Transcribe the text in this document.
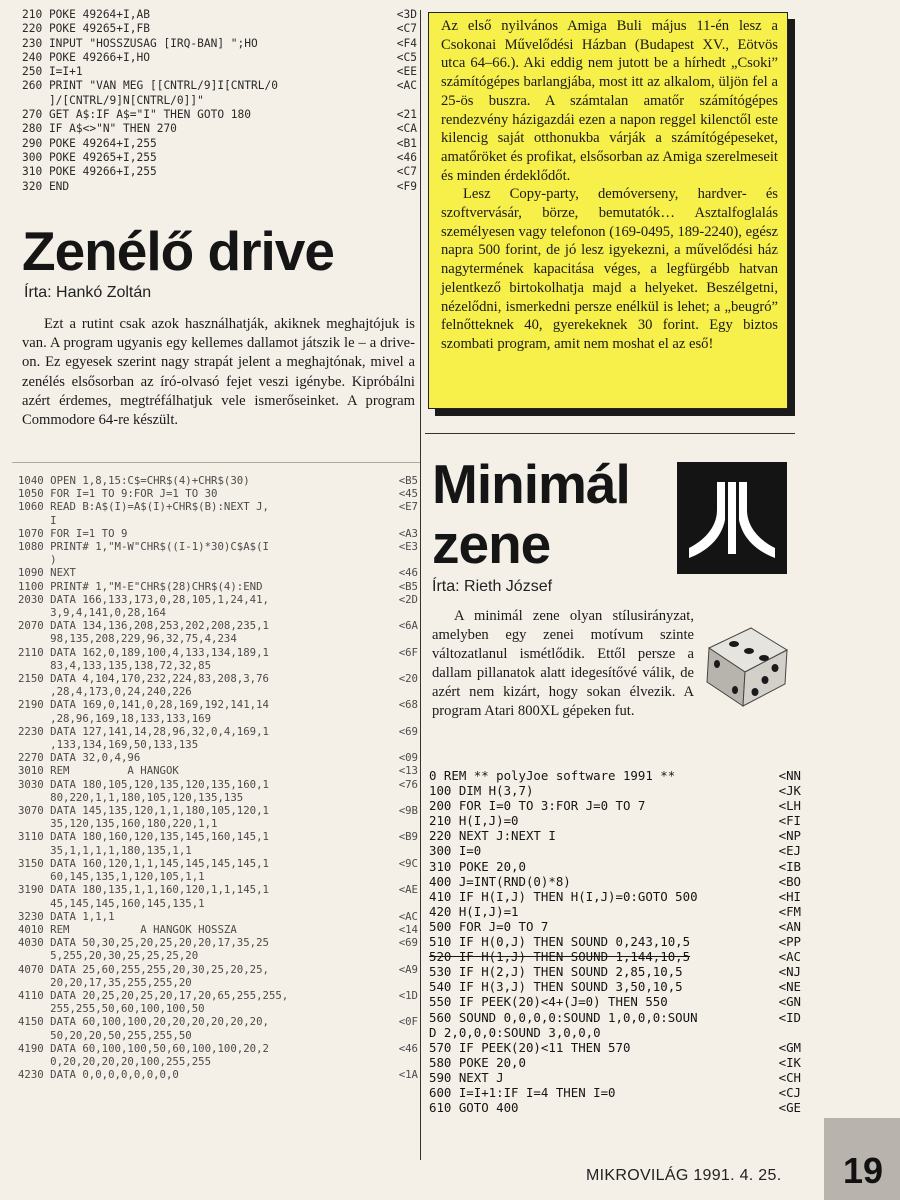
210 POKE 49264+I,AB	<3D
220 POKE 49265+I,FB	<C7
230 INPUT "HOSSZUSAG [IRQ-BAN] ";HO	<F4
240 POKE 49266+I,HO	<C5
250 I=I+1	<EE
260 PRINT "VAN MEG [[CNTRL/9]I[CNTRL/0	<AC
]/[CNTRL/9]N[CNTRL/0]]"
270 GET A$:IF A$="I" THEN GOTO 180	<21
280 IF A$<>"N" THEN 270	<CA
290 POKE 49264+I,255	<B1
300 POKE 49265+I,255	<46
310 POKE 49266+I,255	<C7
320 END	<F9
Zenélő drive
Írta: Hankó Zoltán

Ezt a rutint csak azok használhatják, akiknek meghajtójuk is van. A program ugyanis egy kellemes dallamot játszik le – a drive-on. Ez egyesek szerint nagy strapát jelent a meghajtónak, mivel a zenélés elsősorban az író-olvasó fejet veszi igénybe. Kipróbálni azért érdemes, megtréfálhatjuk vele ismerőseinket. A program Commodore 64-re készült.

1040 OPEN 1,8,15:C$=CHR$(4)+CHR$(30)	<B5
1050 FOR I=1 TO 9:FOR J=1 TO 30	<45
1060 READ B:A$(I)=A$(I)+CHR$(B):NEXT J,	<E7
I
1070 FOR I=1 TO 9	<A3
1080 PRINT# 1,"M-W"CHR$((I-1)*30)C$A$(I	<E3
)
1090 NEXT	<46
1100 PRINT# 1,"M-E"CHR$(28)CHR$(4):END	<B5
2030 DATA 166,133,173,0,28,105,1,24,41,	<2D
3,9,4,141,0,28,164
2070 DATA 134,136,208,253,202,208,235,1	<6A
98,135,208,229,96,32,75,4,234
2110 DATA 162,0,189,100,4,133,134,189,1	<6F
83,4,133,135,138,72,32,85
2150 DATA 4,104,170,232,224,83,208,3,76	<20
,28,4,173,0,24,240,226
2190 DATA 169,0,141,0,28,169,192,141,14	<68
,28,96,169,18,133,133,169
2230 DATA 127,141,14,28,96,32,0,4,169,1	<69
,133,134,169,50,133,135
2270 DATA 32,0,4,96	<09
3010 REM         A HANGOK	<13
3030 DATA 180,105,120,135,120,135,160,1	<76
80,220,1,1,180,105,120,135,135
3070 DATA 145,135,120,1,1,180,105,120,1	<9B
35,120,135,160,180,220,1,1
3110 DATA 180,160,120,135,145,160,145,1	<B9
35,1,1,1,1,180,135,1,1
3150 DATA 160,120,1,1,145,145,145,145,1	<9C
60,145,135,1,120,105,1,1
3190 DATA 180,135,1,1,160,120,1,1,145,1	<AE
45,145,145,160,145,135,1
3230 DATA 1,1,1	<AC
4010 REM           A HANGOK HOSSZA	<14
4030 DATA 50,30,25,20,25,20,20,17,35,25	<69
5,255,20,30,25,25,25,20
4070 DATA 25,60,255,255,20,30,25,20,25,	<A9
20,20,17,35,255,255,20
4110 DATA 20,25,20,25,20,17,20,65,255,255,	<1D
255,255,50,60,100,100,50
4150 DATA 60,100,100,20,20,20,20,20,20,	<0F
50,20,20,50,255,255,50
4190 DATA 60,100,100,50,60,100,100,20,2	<46
0,20,20,20,20,100,255,255
4230 DATA 0,0,0,0,0,0,0,0	<1A

Az első nyilvános Amiga Buli május 11-én lesz a Csokonai Művelődési Házban (Budapest XV., Eötvös utca 64–66.). Aki eddig nem jutott be a hírhedt „Csoki” számítógépes barlangjába, most itt az alkalom, üljön fel a 25-ös buszra. A számtalan amatőr számítógépes rendezvény házigazdái ezen a napon reggel kilenctől este kilencig saját otthonukba várják a számítógépeseket, amatőröket és profikat, elsősorban az Amiga szerelmeseit és minden érdeklődőt.

Lesz Copy-party, demóverseny, hardver- és szoftvervásár, börze, bemutatók… Asztalfoglalás személyesen vagy telefonon (169-0495, 189-2240), egész napra 500 forint, de jó lesz igyekezni, a művelődési ház nagytermének kapacitása véges, a legfürgébb hatvan jelentkező birtokolhatja majd a helyeket. Beszélgetni, nézelődni, ismerkedni persze enélkül is lehet; a „beugró” felnőtteknek 40, gyerekeknek 30 forint. Egy biztos szombati program, amit nem moshat el az eső!

Minimál
zene
Írta: Rieth József

A minimál zene olyan stílusirányzat, amelyben egy zenei motívum szinte változatlanul ismétlődik. Ettől persze a dallam pillanatok alatt idegesítővé válik, de azért nem kizárt, hogy sokan élvezik. A program Atari 800XL gépeken fut.

0 REM ** polyJoe software 1991 **	<NN
100 DIM H(3,7)	<JK
200 FOR I=0 TO 3:FOR J=0 TO 7	<LH
210 H(I,J)=0	<FI
220 NEXT J:NEXT I	<NP
300 I=0	<EJ
310 POKE 20,0	<IB
400 J=INT(RND(0)*8)	<BO
410 IF H(I,J) THEN H(I,J)=0:GOTO 500	<HI
420 H(I,J)=1	<FM
500 FOR J=0 TO 7	<AN
510 IF H(0,J) THEN SOUND 0,243,10,5	<PP
520 IF H(1,J) THEN SOUND 1,144,10,5	<AC
530 IF H(2,J) THEN SOUND 2,85,10,5	<NJ
540 IF H(3,J) THEN SOUND 3,50,10,5	<NE
550 IF PEEK(20)<4+(J=0) THEN 550	<GN
560 SOUND 0,0,0,0:SOUND 1,0,0,0:SOUN	<ID
D 2,0,0,0:SOUND 3,0,0,0
570 IF PEEK(20)<11 THEN 570	<GM
580 POKE 20,0	<IK
590 NEXT J	<CH
600 I=I+1:IF I=4 THEN I=0	<CJ
610 GOTO 400	<GE
MIKROVILÁG 1991. 4. 25. 19
